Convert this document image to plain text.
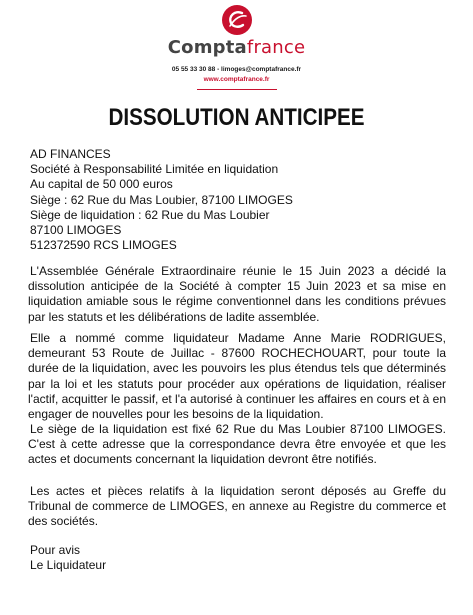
Comptafrance
05 55 33 30 88 - limoges@comptafrance.fr
www.comptafrance.fr
DISSOLUTION ANTICIPEE
AD FINANCES
Société à Responsabilité Limitée en liquidation
Au capital de 50 000 euros
Siège : 62 Rue du Mas Loubier, 87100 LIMOGES
Siège de liquidation : 62 Rue du Mas Loubier
87100 LIMOGES
512372590 RCS LIMOGES

L'Assemblée Générale Extraordinaire réunie le 15 Juin 2023 a décidé la dissolution anticipée de la Société à compter 15 Juin 2023 et sa mise en liquidation amiable sous le régime conventionnel dans les conditions prévues par les statuts et les délibérations de ladite assemblée.

Elle a nommé comme liquidateur Madame Anne Marie RODRIGUES, demeurant 53 Route de Juillac - 87600 ROCHECHOUART, pour toute la durée de la liquidation, avec les pouvoirs les plus étendus tels que déterminés par la loi et les statuts pour procéder aux opérations de liquidation, réaliser l'actif, acquitter le passif, et l'a autorisé à continuer les affaires en cours et à en engager de nouvelles pour les besoins de la liquidation.

Le siège de la liquidation est fixé 62 Rue du Mas Loubier 87100 LIMOGES. C'est à cette adresse que la correspondance devra être envoyée et que les actes et documents concernant la liquidation devront être notifiés.

Les actes et pièces relatifs à la liquidation seront déposés au Greffe du Tribunal de commerce de LIMOGES, en annexe au Registre du commerce et des sociétés.

Pour avis
Le Liquidateur
